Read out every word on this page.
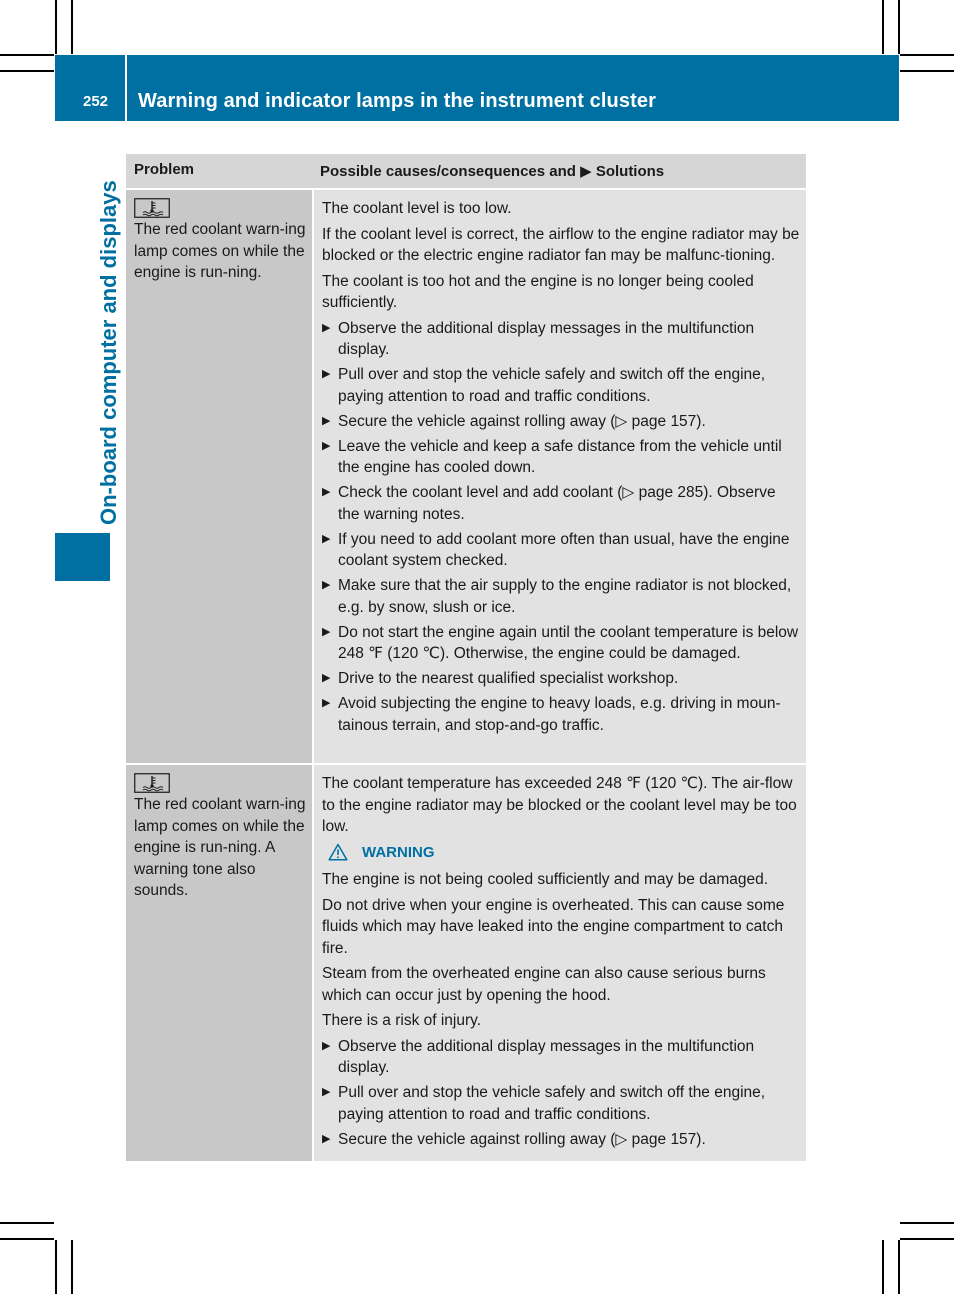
252 Warning and indicator lamps in the instrument cluster
On-board computer and displays
Problem	Possible causes/consequences and ▶ Solutions
The red coolant warn-ing lamp comes on while the engine is run-ning.

The coolant level is too low.

If the coolant level is correct, the airflow to the engine radiator may be blocked or the electric engine radiator fan may be malfunc-tioning.

The coolant is too hot and the engine is no longer being cooled sufficiently.

▶ Observe the additional display messages in the multifunction display.
▶ Pull over and stop the vehicle safely and switch off the engine, paying attention to road and traffic conditions.
▶ Secure the vehicle against rolling away (▷ page 157).
▶ Leave the vehicle and keep a safe distance from the vehicle until the engine has cooled down.
▶ Check the coolant level and add coolant (▷ page 285). Observe the warning notes.
▶ If you need to add coolant more often than usual, have the engine coolant system checked.
▶ Make sure that the air supply to the engine radiator is not blocked, e.g. by snow, slush or ice.
▶ Do not start the engine again until the coolant temperature is below 248 ℉ (120 ℃). Otherwise, the engine could be damaged.
▶ Drive to the nearest qualified specialist workshop.
▶ Avoid subjecting the engine to heavy loads, e.g. driving in moun-tainous terrain, and stop-and-go traffic.
The red coolant warn-ing lamp comes on while the engine is run-ning. A warning tone also sounds.

The coolant temperature has exceeded 248 ℉ (120 ℃). The air-flow to the engine radiator may be blocked or the coolant level may be too low.

WARNING

The engine is not being cooled sufficiently and may be damaged.

Do not drive when your engine is overheated. This can cause some fluids which may have leaked into the engine compartment to catch fire.

Steam from the overheated engine can also cause serious burns which can occur just by opening the hood.

There is a risk of injury.

▶ Observe the additional display messages in the multifunction display.
▶ Pull over and stop the vehicle safely and switch off the engine, paying attention to road and traffic conditions.
▶ Secure the vehicle against rolling away (▷ page 157).
